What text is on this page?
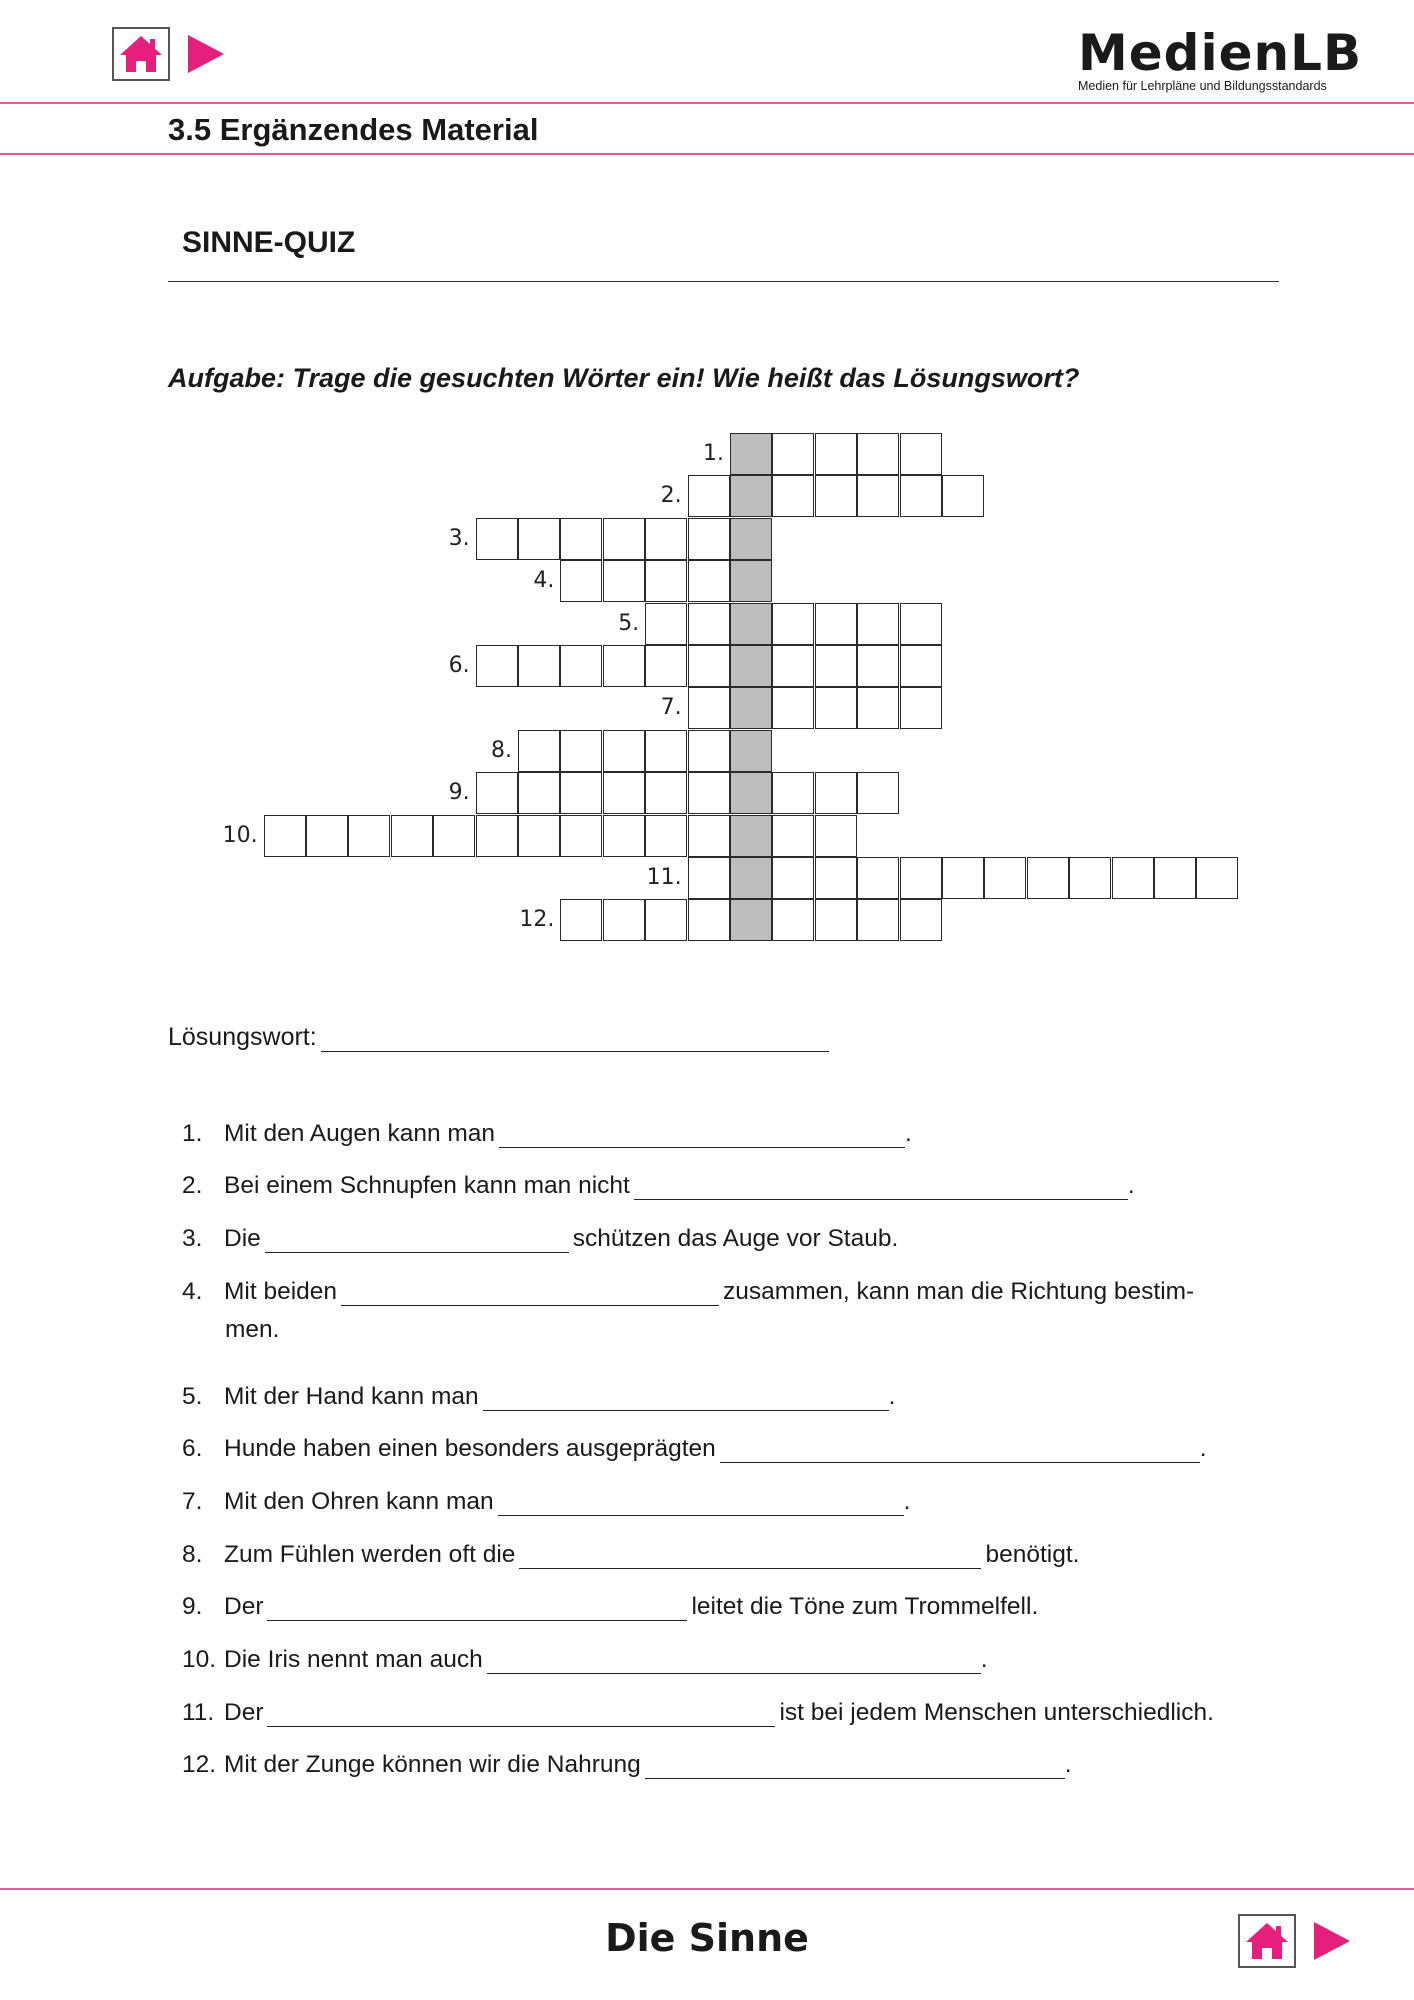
MedienLB
Medien für Lehrpläne und Bildungsstandards
3.5 Ergänzendes Material
SINNE-QUIZ
Aufgabe: Trage die gesuchten Wörter ein! Wie heißt das Lösungswort?
1.
2.
3.
4.
5.
6.
7.
8.
9.
10.
11.
12.
Lösungswort:
1. Mit den Augen kann man	.
2. Bei einem Schnupfen kann man nicht	.
3. Die	schützen das Auge vor Staub.
4. Mit beiden	zusammen, kann man die Richtung bestim-
men.
5. Mit der Hand kann man	.
6. Hunde haben einen besonders ausgeprägten	.
7. Mit den Ohren kann man	.
8. Zum Fühlen werden oft die	benötigt.
9. Der	leitet die Töne zum Trommelfell.
10. Die Iris nennt man auch	.
11. Der	ist bei jedem Menschen unterschiedlich.
12. Mit der Zunge können wir die Nahrung	.
Die Sinne
